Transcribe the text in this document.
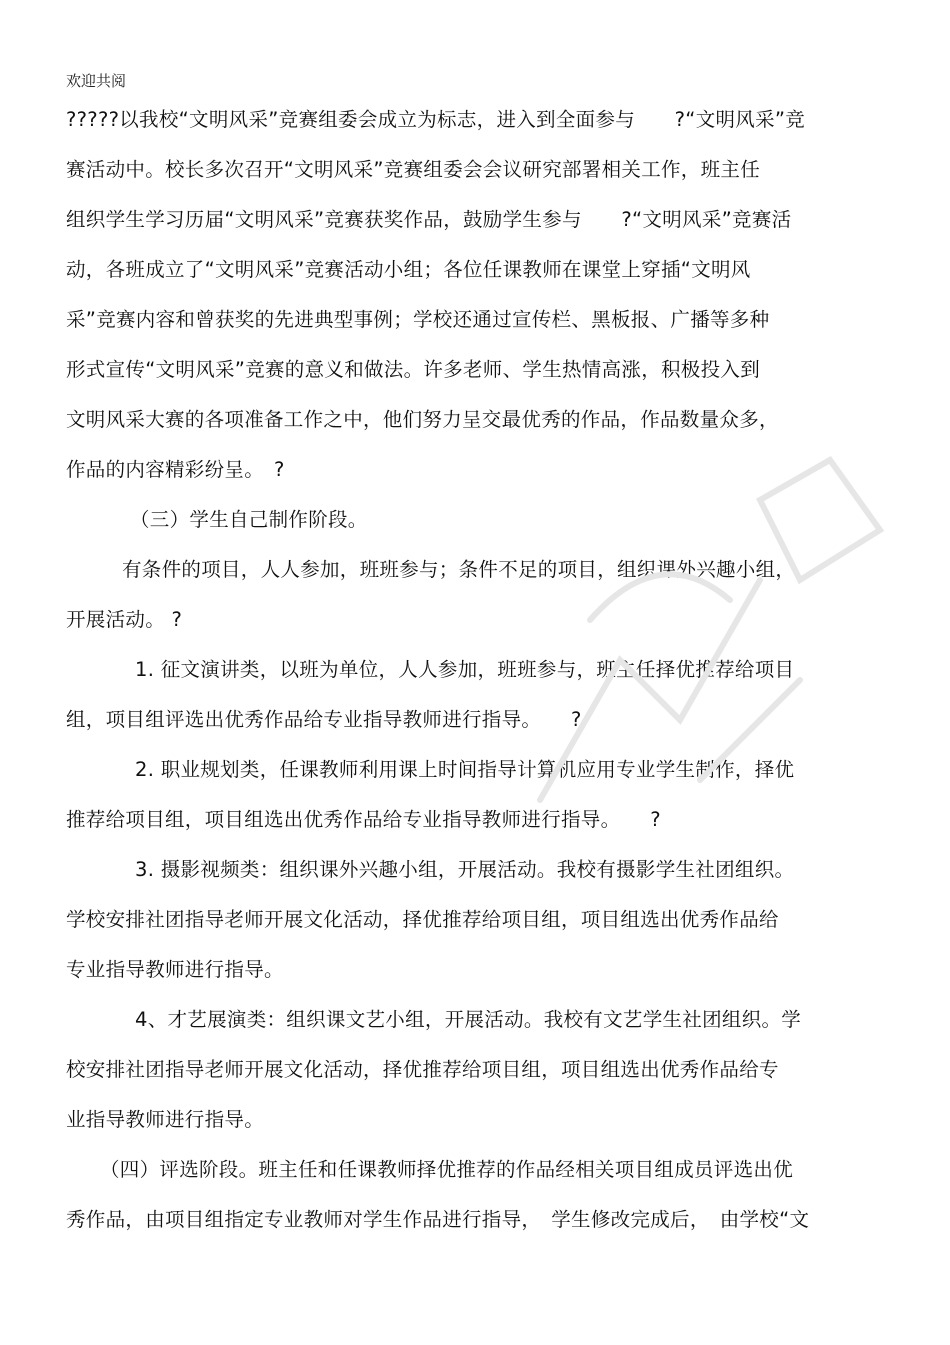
欢迎共阅
?????以我校“文明风采”竞赛组委会成立为标志，进入到全面参与　　?“文明风采”竞
赛活动中。校长多次召开“文明风采”竞赛组委会会议研究部署相关工作，班主任
组织学生学习历届“文明风采”竞赛获奖作品，鼓励学生参与　　?“文明风采”竞赛活
动，各班成立了“文明风采”竞赛活动小组；各位任课教师在课堂上穿插“文明风
采”竞赛内容和曾获奖的先进典型事例；学校还通过宣传栏、黑板报、广播等多种
形式宣传“文明风采”竞赛的意义和做法。许多老师、学生热情高涨，积极投入到
文明风采大赛的各项准备工作之中，他们努力呈交最优秀的作品，作品数量众多，
作品的内容精彩纷呈。　?
（三）学生自己制作阶段。
有条件的项目，人人参加，班班参与；条件不足的项目，组织课外兴趣小组，
开展活动。 ?
1. 征文演讲类，以班为单位，人人参加，班班参与，班主任择优推荐给项目
组，项目组评选出优秀作品给专业指导教师进行指导。　　?
2. 职业规划类，任课教师利用课上时间指导计算机应用专业学生制作，择优
推荐给项目组，项目组选出优秀作品给专业指导教师进行指导。　　?
3. 摄影视频类：组织课外兴趣小组，开展活动。我校有摄影学生社团组织。
学校安排社团指导老师开展文化活动，择优推荐给项目组，项目组选出优秀作品给
专业指导教师进行指导。
4、才艺展演类：组织课文艺小组，开展活动。我校有文艺学生社团组织。学
校安排社团指导老师开展文化活动，择优推荐给项目组，项目组选出优秀作品给专
业指导教师进行指导。
（四）评选阶段。班主任和任课教师择优推荐的作品经相关项目组成员评选出优
秀作品，由项目组指定专业教师对学生作品进行指导，　学生修改完成后，　由学校“文
